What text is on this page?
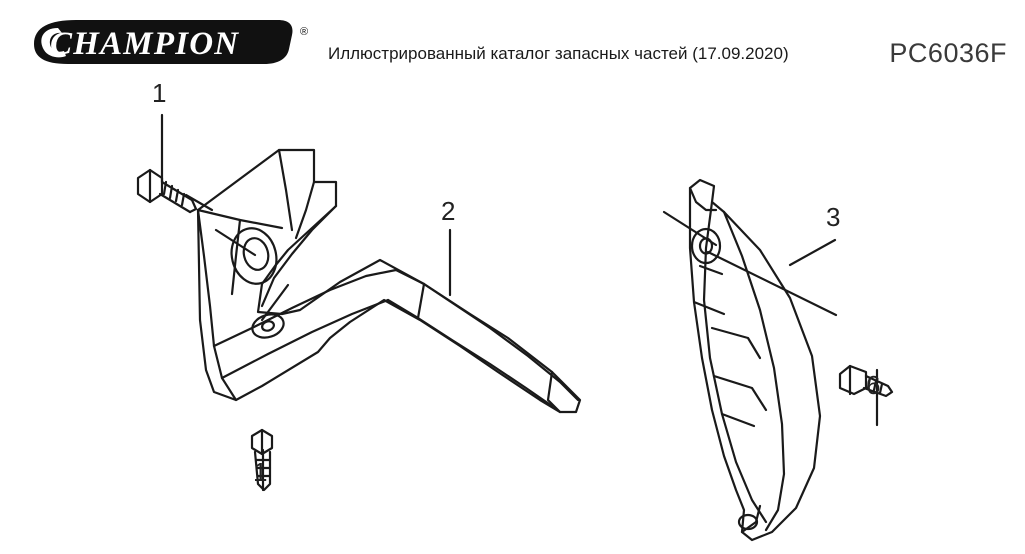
CHAMPION	®
Иллюстрированный каталог запасных частей (17.09.2020)	PC6036F
1
2	3
6
1
